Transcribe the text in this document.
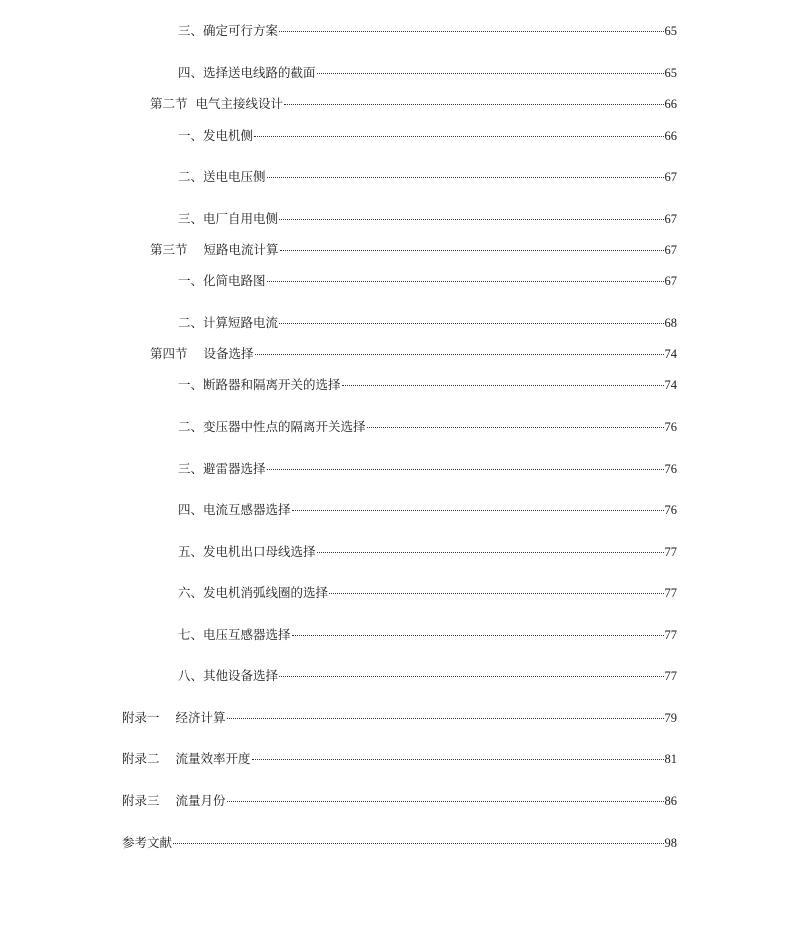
三、确定可行方案	65
四、选择送电线路的截面	65
第二节 电气主接线设计	66
一、发电机侧	66
二、送电电压侧	67
三、电厂自用电侧	67
第三节 短路电流计算	67
一、化简电路图	67
二、计算短路电流	68
第四节 设备选择	74
一、断路器和隔离开关的选择	74
二、变压器中性点的隔离开关选择	76
三、避雷器选择	76
四、电流互感器选择	76
五、发电机出口母线选择	77
六、发电机消弧线圈的选择	77
七、电压互感器选择	77
八、其他设备选择	77
附录一 经济计算	79
附录二 流量效率开度	81
附录三 流量月份	86
参考文献	98
